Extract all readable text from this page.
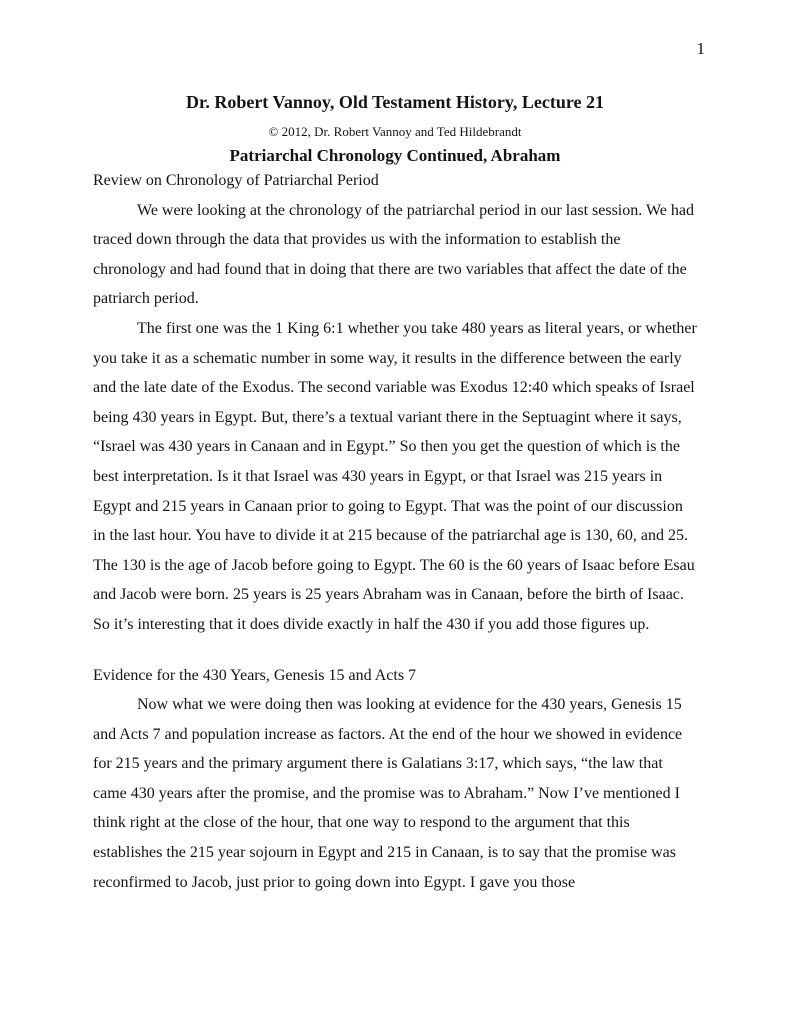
1
Dr. Robert Vannoy, Old Testament History, Lecture 21
© 2012, Dr. Robert Vannoy and Ted Hildebrandt
Patriarchal Chronology Continued, Abraham
Review on Chronology of Patriarchal Period

We were looking at the chronology of the patriarchal period in our last session. We had traced down through the data that provides us with the information to establish the chronology and had found that in doing that there are two variables that affect the date of the patriarch period.

The first one was the 1 King 6:1 whether you take 480 years as literal years, or whether you take it as a schematic number in some way, it results in the difference between the early and the late date of the Exodus. The second variable was Exodus 12:40 which speaks of Israel being 430 years in Egypt. But, there’s a textual variant there in the Septuagint where it says, “Israel was 430 years in Canaan and in Egypt.” So then you get the question of which is the best interpretation. Is it that Israel was 430 years in Egypt, or that Israel was 215 years in Egypt and 215 years in Canaan prior to going to Egypt. That was the point of our discussion in the last hour. You have to divide it at 215 because of the patriarchal age is 130, 60, and 25. The 130 is the age of Jacob before going to Egypt. The 60 is the 60 years of Isaac before Esau and Jacob were born. 25 years is 25 years Abraham was in Canaan, before the birth of Isaac. So it’s interesting that it does divide exactly in half the 430 if you add those figures up.

Evidence for the 430 Years, Genesis 15 and Acts 7

Now what we were doing then was looking at evidence for the 430 years, Genesis 15 and Acts 7 and population increase as factors. At the end of the hour we showed in evidence for 215 years and the primary argument there is Galatians 3:17, which says, “the law that came 430 years after the promise, and the promise was to Abraham.” Now I’ve mentioned I think right at the close of the hour, that one way to respond to the argument that this establishes the 215 year sojourn in Egypt and 215 in Canaan, is to say that the promise was reconfirmed to Jacob, just prior to going down into Egypt. I gave you those
